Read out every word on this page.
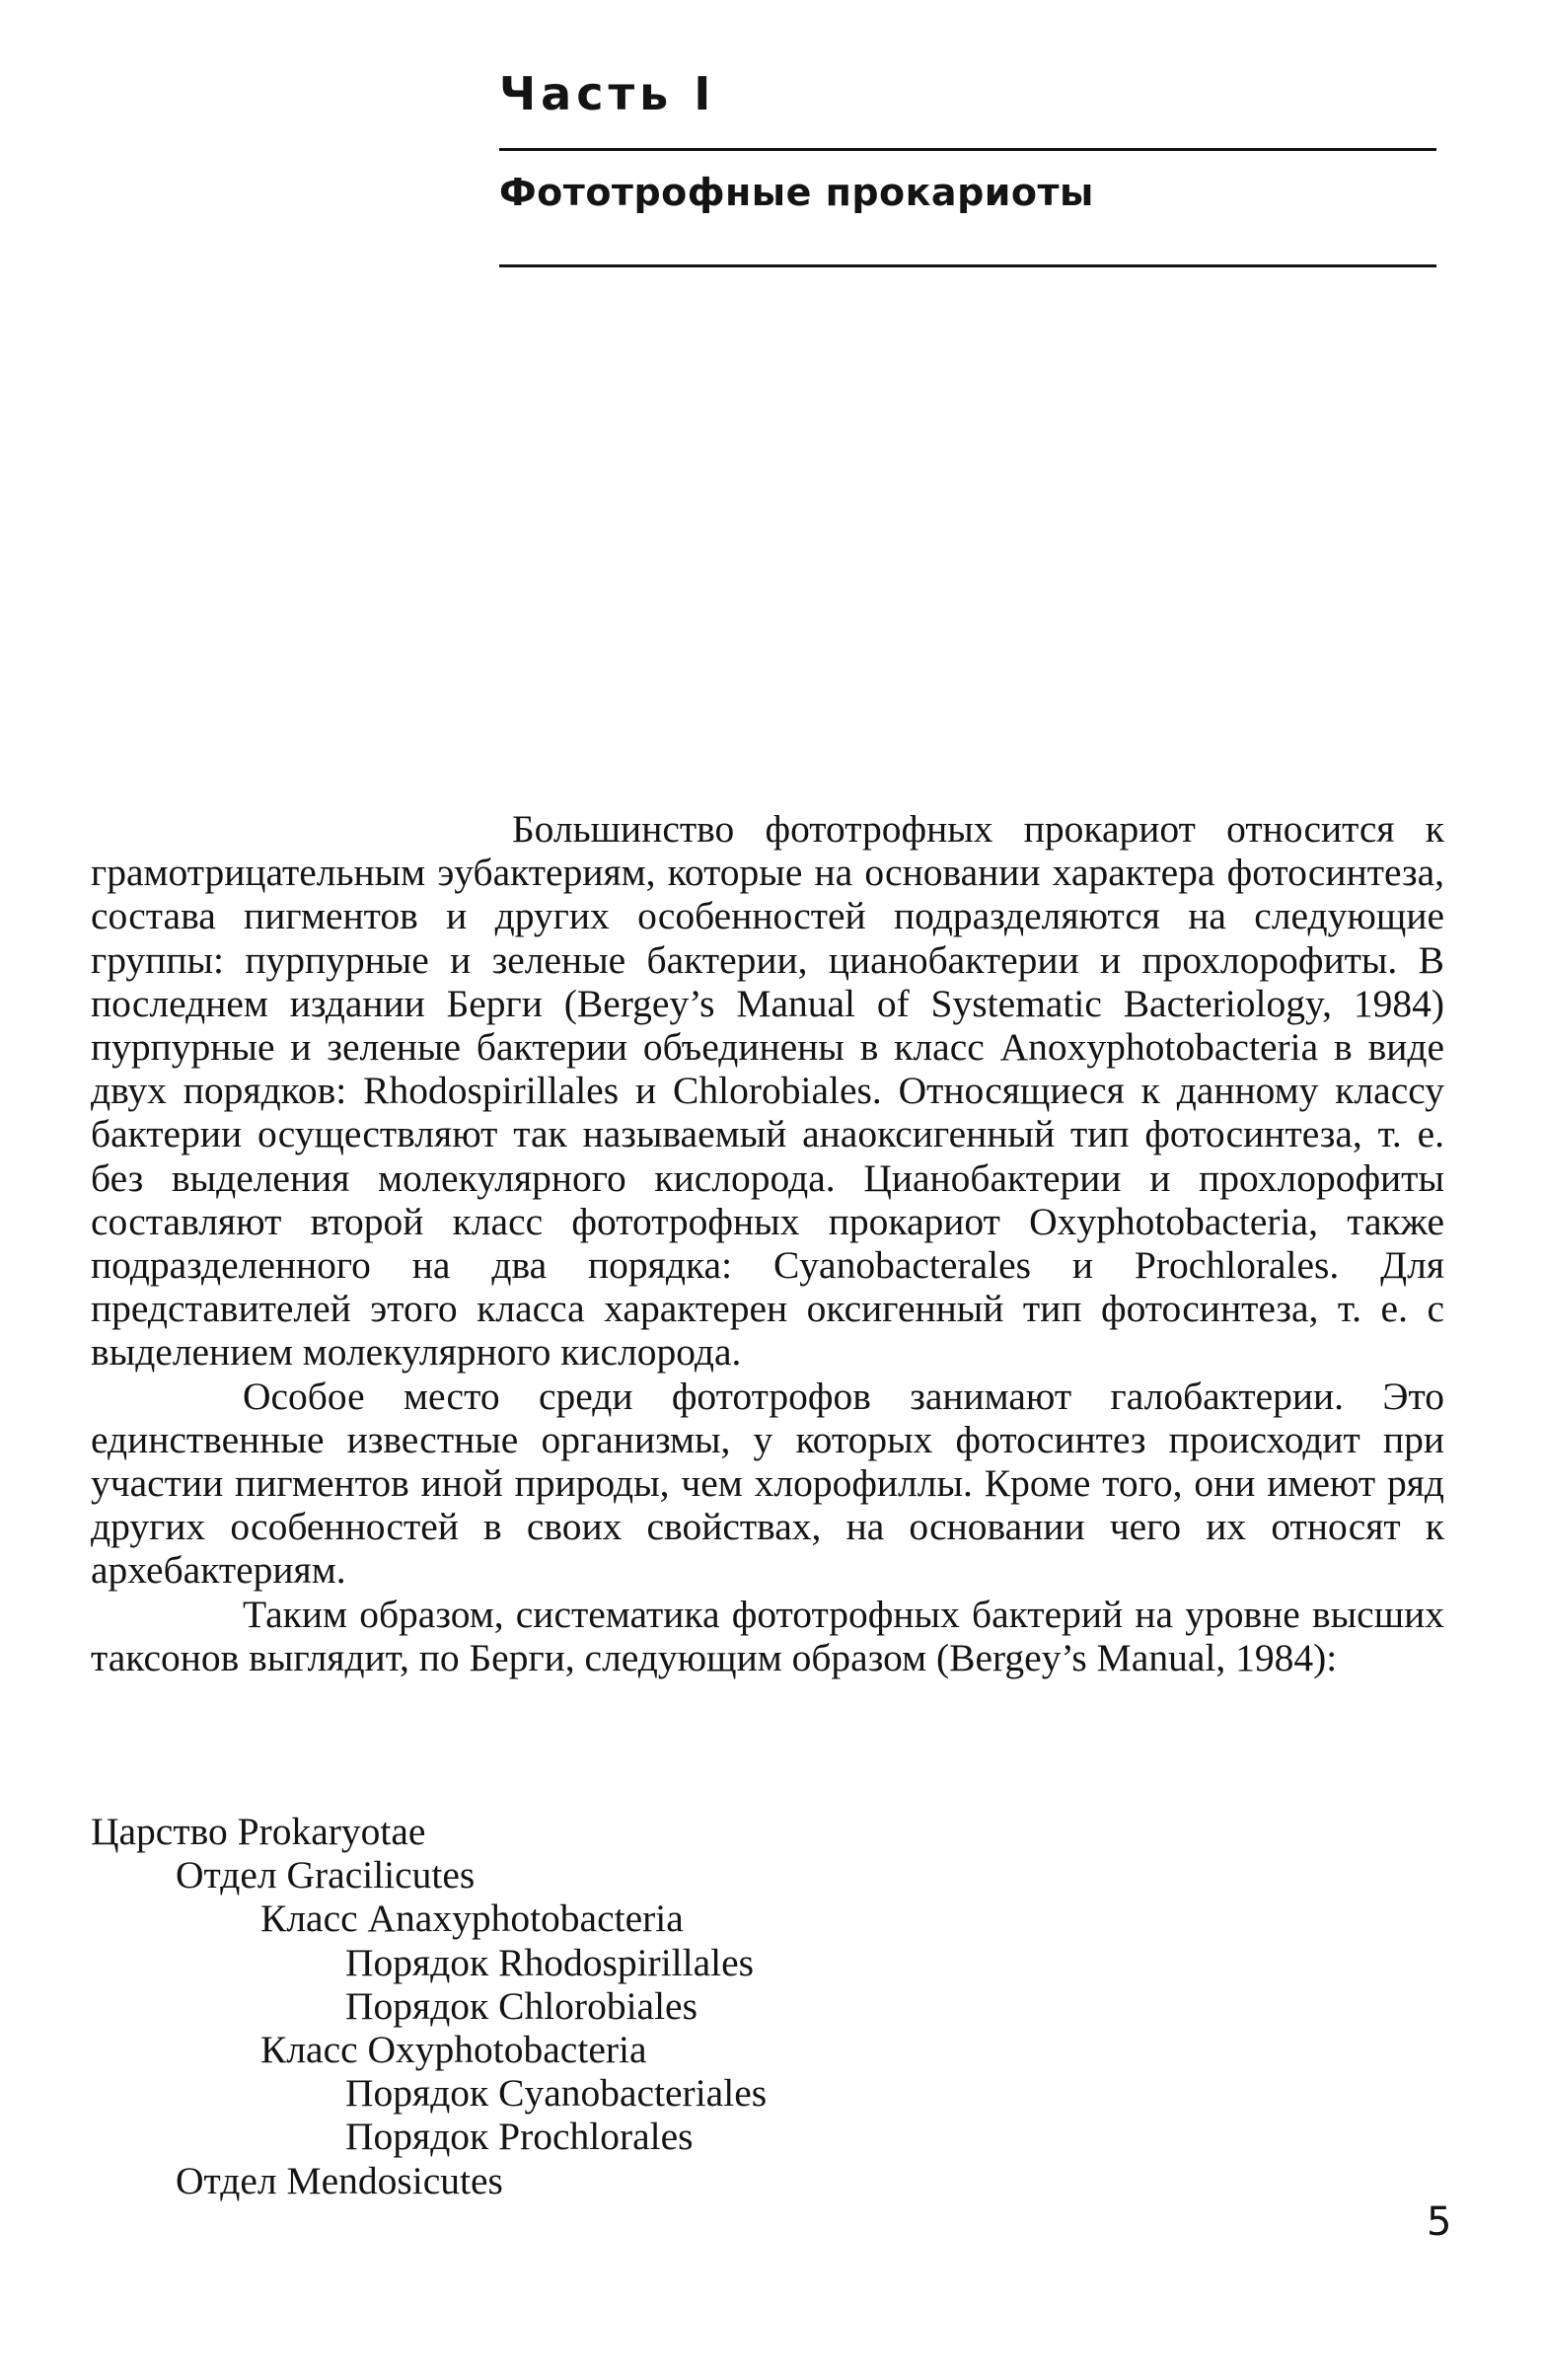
Часть I
Фототрофные прокариоты

Большинство фототрофных прокариот относится к грамотрицательным эубактериям, которые на основании характера фотосинтеза, состава пигментов и других особенностей подразделяются на следующие группы: пурпурные и зеленые бактерии, цианобактерии и прохлорофиты. В последнем издании Берги (Bergey’s Manual of Systematic Bacteriology, 1984) пурпурные и зеленые бактерии объединены в класс Anoxyphotobacteria в виде двух порядков: Rhodospirillales и Chlorobiales. Относящиеся к данному классу бактерии осуществляют так называемый анаоксигенный тип фотосинтеза, т. е. без выделения молекулярного кислорода. Цианобактерии и прохлорофиты составляют второй класс фототрофных прокариот Oxyphotobacteria, также подразделенного на два порядка: Cyanobacterales и Prochlorales. Для представителей этого класса характерен оксигенный тип фотосинтеза, т. е. с выделением молекулярного кислорода.

Особое место среди фототрофов занимают галобактерии. Это единственные известные организмы, у которых фотосинтез происходит при участии пигментов иной природы, чем хлорофиллы. Кроме того, они имеют ряд других особенностей в своих свойствах, на основании чего их относят к архебактериям.

Таким образом, систематика фототрофных бактерий на уровне высших таксонов выглядит, по Берги, следующим образом (Bergey’s Manual, 1984):

Царство Prokaryotae
Отдел Gracilicutes
Класс Anaxyphotobacteria
Порядок Rhodospirillales
Порядок Chlorobiales
Класс Oxyphotobacteria
Порядок Cyanobacteriales
Порядок Prochlorales
Отдел Mendosicutes
5
